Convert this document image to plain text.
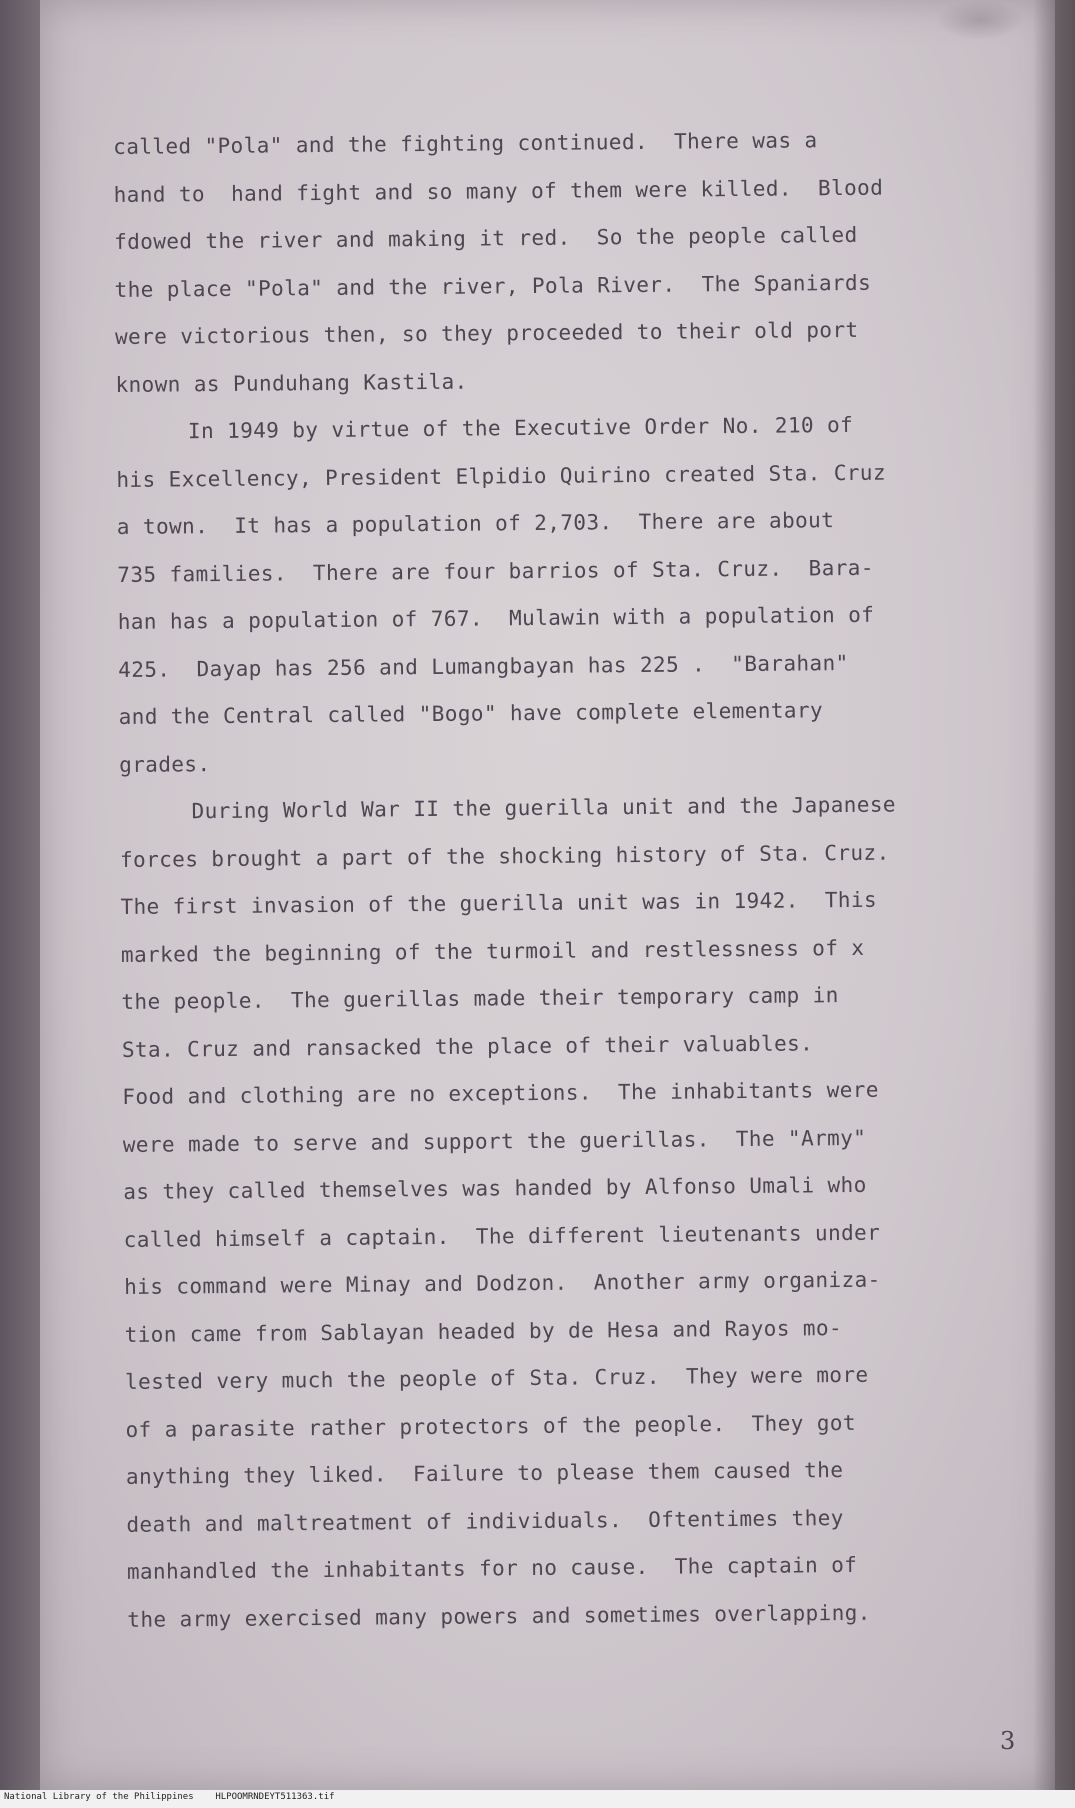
called "Pola" and the fighting continued.  There was a
hand to  hand fight and so many of them were killed.  Blood
fdowed the river and making it red.  So the people called
the place "Pola" and the river, Pola River.  The Spaniards
were victorious then, so they proceeded to their old port
known as Punduhang Kastila.
In 1949 by virtue of the Executive Order No. 210 of
his Excellency, President Elpidio Quirino created Sta. Cruz
a town.  It has a population of 2,703.  There are about
735 families.  There are four barrios of Sta. Cruz.  Bara-
han has a population of 767.  Mulawin with a population of
425.  Dayap has 256 and Lumangbayan has 225 .  "Barahan"
and the Central called "Bogo" have complete elementary
grades.
During World War II the guerilla unit and the Japanese
forces brought a part of the shocking history of Sta. Cruz.
The first invasion of the guerilla unit was in 1942.  This
marked the beginning of the turmoil and restlessness of x
the people.  The guerillas made their temporary camp in
Sta. Cruz and ransacked the place of their valuables.
Food and clothing are no exceptions.  The inhabitants were
were made to serve and support the guerillas.  The "Army"
as they called themselves was handed by Alfonso Umali who
called himself a captain.  The different lieutenants under
his command were Minay and Dodzon.  Another army organiza-
tion came from Sablayan headed by de Hesa and Rayos mo-
lested very much the people of Sta. Cruz.  They were more
of a parasite rather protectors of the people.  They got
anything they liked.  Failure to please them caused the
death and maltreatment of individuals.  Oftentimes they
manhandled the inhabitants for no cause.  The captain of
the army exercised many powers and sometimes overlapping.
3
National Library of the Philippines    HLPOOMRNDEYT511363.tif
